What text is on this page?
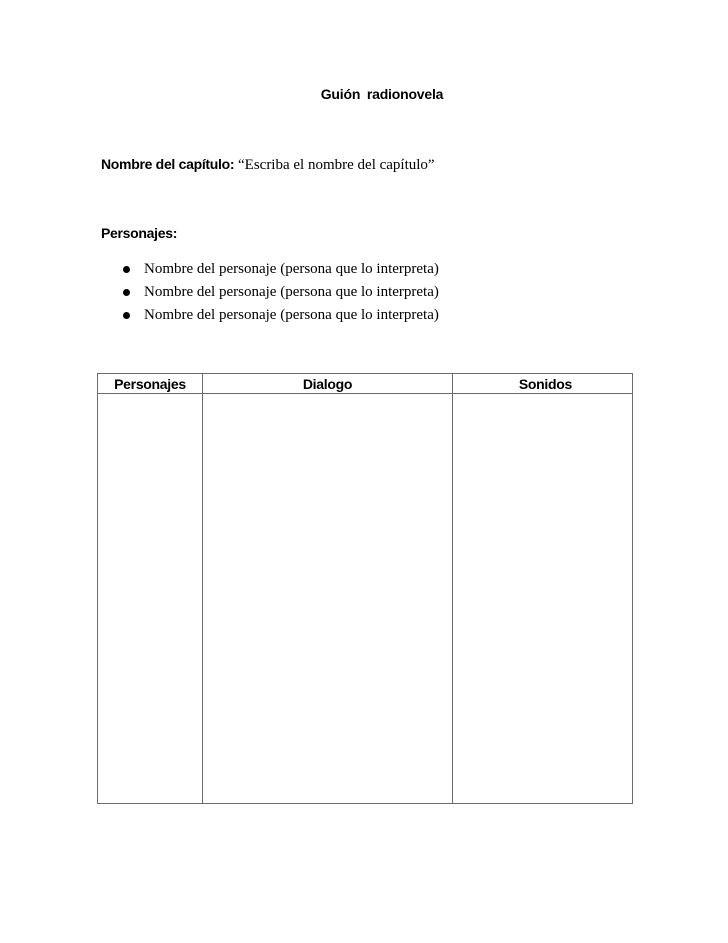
Guión radionovela
Nombre del capítulo: “Escriba el nombre del capítulo”
Personajes:
Nombre del personaje (persona que lo interpreta)
Nombre del personaje (persona que lo interpreta)
Nombre del personaje (persona que lo interpreta)
Personajes	Dialogo	Sonidos
